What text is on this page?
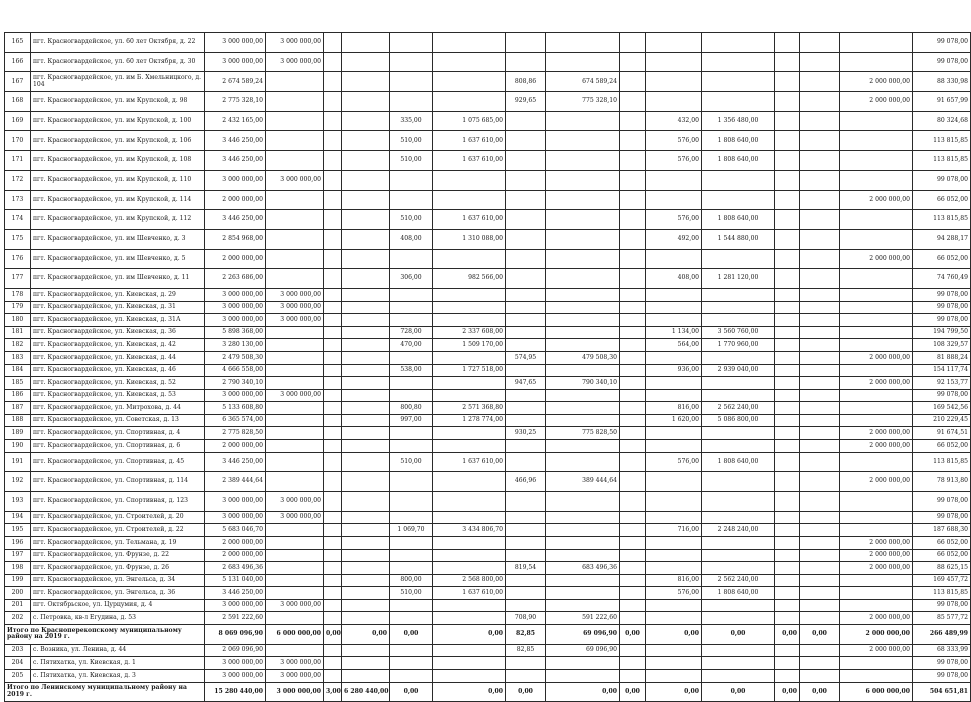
165	пгт. Красногвардейское, ул. 60 лет Октября, д. 22	3 000 000,00	3 000 000,00													99 078,00
166	пгт. Красногвардейское, ул. 60 лет Октября, д. 30	3 000 000,00	3 000 000,00													99 078,00
167	пгт. Красногвардейское, ул. им Б. Хмельницкого, д. 104	2 674 589,24						808,86	674 589,24						2 000 000,00	88 330,98
168	пгт. Красногвардейское, ул. им Крупской, д. 98	2 775 328,10						929,65	775 328,10						2 000 000,00	91 657,99
169	пгт. Красногвардейское, ул. им Крупской, д. 100	2 432 165,00				335,00	1 075 685,00				432,00	1 356 480,00				80 324,68
170	пгт. Красногвардейское, ул. им Крупской, д. 106	3 446 250,00				510,00	1 637 610,00				576,00	1 808 640,00				113 815,85
171	пгт. Красногвардейское, ул. им Крупской, д. 108	3 446 250,00				510,00	1 637 610,00				576,00	1 808 640,00				113 815,85
172	пгт. Красногвардейское, ул. им Крупской, д. 110	3 000 000,00	3 000 000,00													99 078,00
173	пгт. Красногвардейское, ул. им Крупской, д. 114	2 000 000,00													2 000 000,00	66 052,00
174	пгт. Красногвардейское, ул. им Крупской, д. 112	3 446 250,00				510,00	1 637 610,00				576,00	1 808 640,00				113 815,85
175	пгт. Красногвардейское, ул. им Шевченко, д. 3	2 854 968,00				408,00	1 310 088,00				492,00	1 544 880,00				94 288,17
176	пгт. Красногвардейское, ул. им Шевченко, д. 5	2 000 000,00													2 000 000,00	66 052,00
177	пгт. Красногвардейское, ул. им Шевченко, д. 11	2 263 686,00				306,00	982 566,00				408,00	1 281 120,00				74 760,49
178	пгт. Красногвардейское, ул. Киевская, д. 29	3 000 000,00	3 000 000,00													99 078,00
179	пгт. Красногвардейское, ул. Киевская, д. 31	3 000 000,00	3 000 000,00													99 078,00
180	пгт. Красногвардейское, ул. Киевская, д. 31А	3 000 000,00	3 000 000,00													99 078,00
181	пгт. Красногвардейское, ул. Киевская, д. 36	5 898 368,00				728,00	2 337 608,00				1 134,00	3 560 760,00				194 799,50
182	пгт. Красногвардейское, ул. Киевская, д. 42	3 280 130,00				470,00	1 509 170,00				564,00	1 770 960,00				108 329,57
183	пгт. Красногвардейское, ул. Киевская, д. 44	2 479 508,30						574,95	479 508,30						2 000 000,00	81 888,24
184	пгт. Красногвардейское, ул. Киевская, д. 46	4 666 558,00				538,00	1 727 518,00				936,00	2 939 040,00				154 117,74
185	пгт. Красногвардейское, ул. Киевская, д. 52	2 790 340,10						947,65	790 340,10						2 000 000,00	92 153,77
186	пгт. Красногвардейское, ул. Киевская, д. 53	3 000 000,00	3 000 000,00													99 078,00
187	пгт. Красногвардейское, ул. Митрохова, д. 44	5 133 608,80				800,80	2 571 368,80				816,00	2 562 240,00				169 542,56
188	пгт. Красногвардейское, ул. Советская, д. 13	6 365 574,00				997,00	1 278 774,00				1 620,00	5 086 800,00				210 229,45
189	пгт. Красногвардейское, ул. Спортивная, д. 4	2 775 828,50						930,25	775 828,50						2 000 000,00	91 674,51
190	пгт. Красногвардейское, ул. Спортивная, д. 6	2 000 000,00													2 000 000,00	66 052,00
191	пгт. Красногвардейское, ул. Спортивная, д. 45	3 446 250,00				510,00	1 637 610,00				576,00	1 808 640,00				113 815,85
192	пгт. Красногвардейское, ул. Спортивная, д. 114	2 389 444,64						466,96	389 444,64						2 000 000,00	78 913,80
193	пгт. Красногвардейское, ул. Спортивная, д. 123	3 000 000,00	3 000 000,00													99 078,00
194	пгт. Красногвардейское, ул. Строителей, д. 20	3 000 000,00	3 000 000,00													99 078,00
195	пгт. Красногвардейское, ул. Строителей, д. 22	5 683 046,70				1 069,70	3 434 806,70				716,00	2 248 240,00				187 688,30
196	пгт. Красногвардейское, ул. Тельмана, д. 19	2 000 000,00													2 000 000,00	66 052,00
197	пгт. Красногвардейское, ул. Фрунзе, д. 22	2 000 000,00													2 000 000,00	66 052,00
198	пгт. Красногвардейское, ул. Фрунзе, д. 26	2 683 496,36						819,54	683 496,36						2 000 000,00	88 625,15
199	пгт. Красногвардейское, ул. Энгельса, д. 34	5 131 040,00				800,00	2 568 800,00				816,00	2 562 240,00				169 457,72
200	пгт. Красногвардейское, ул. Энгельса, д. 36	3 446 250,00				510,00	1 637 610,00				576,00	1 808 640,00				113 815,85
201	пгт. Октябрьское, ул. Цурцумия, д. 4	3 000 000,00	3 000 000,00													99 078,00
202	с. Петровка, кв-л Егудина, д. 53	2 591 222,60						708,90	591 222,60						2 000 000,00	85 577,72
Итого по Красноперекопскому муниципальному району на 2019 г.		8 069 096,90	6 000 000,00	0,00	0,00	0,00	0,00	82,85	69 096,90	0,00	0,00	0,00	0,00	0,00	2 000 000,00	266 489,99
203	с. Возника, ул. Ленина, д. 44	2 069 096,90						82,85	69 096,90						2 000 000,00	68 333,99
204	с. Пятихатка, ул. Киевская, д. 1	3 000 000,00	3 000 000,00													99 078,00
205	с. Пятихатка, ул. Киевская, д. 3	3 000 000,00	3 000 000,00													99 078,00
Итого по Ленинскому муниципальному району на 2019 г.		15 280 440,00	3 000 000,00	3,00	6 280 440,00	0,00	0,00	0,00	0,00	0,00	0,00	0,00	0,00	0,00	6 000 000,00	504 651,81
